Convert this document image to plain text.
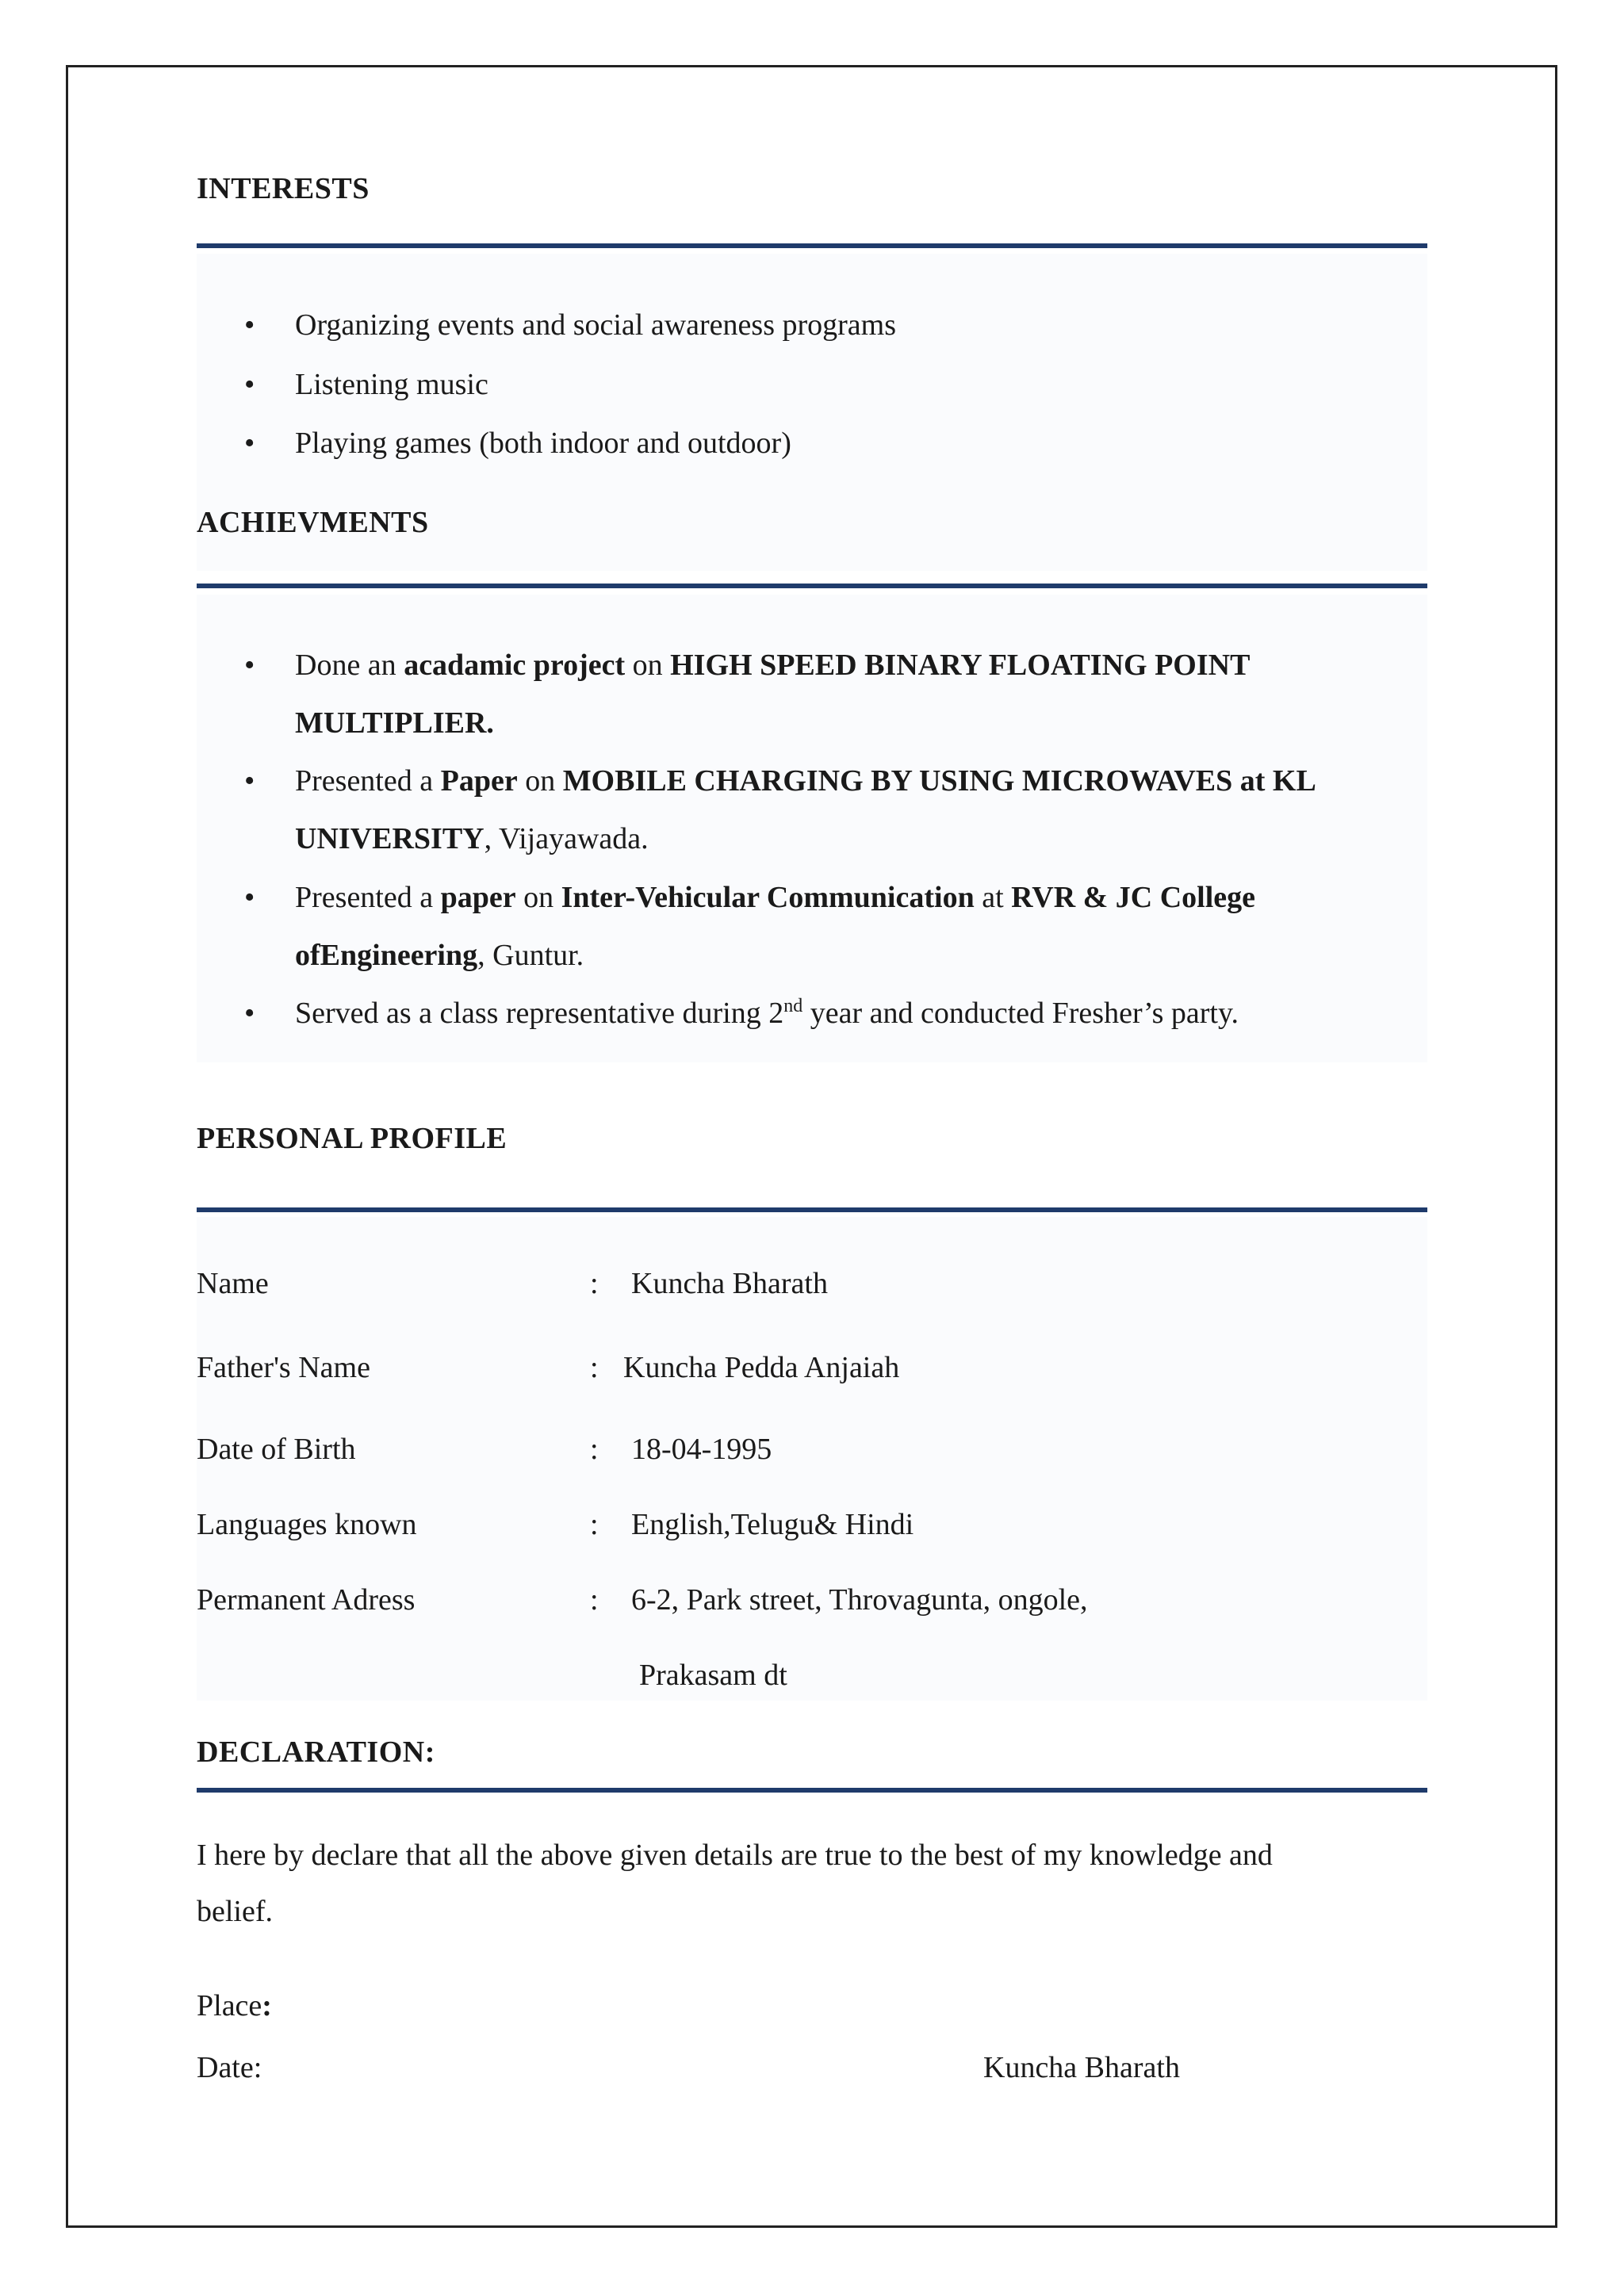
INTERESTS
• Organizing events and social awareness programs
• Listening music
• Playing games (both indoor and outdoor)
ACHIEVMENTS
• Done an acadamic project on HIGH SPEED BINARY FLOATING POINT
MULTIPLIER.
• Presented a Paper on MOBILE CHARGING BY USING MICROWAVES at KL
UNIVERSITY, Vijayawada.
• Presented a paper on Inter-Vehicular Communication at RVR & JC College
ofEngineering, Guntur.
• Served as a class representative during 2nd year and conducted Fresher’s party.
PERSONAL PROFILE
Name	: Kuncha Bharath
Father's Name	: Kuncha Pedda Anjaiah
Date of Birth	: 18-04-1995
Languages known	: English,Telugu& Hindi
Permanent Adress	: 6-2, Park street, Throvagunta, ongole,
Prakasam dt
DECLARATION:
I here by declare that all the above given details are true to the best of my knowledge and
belief.
Place:
Date:	Kuncha Bharath
